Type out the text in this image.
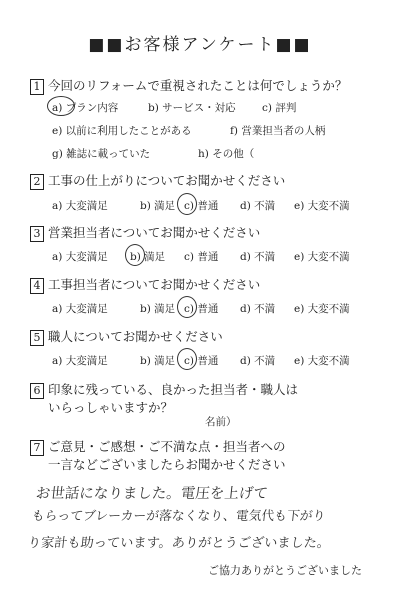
■■お客様アンケート■■
1 今回のリフォームで重視されたことは何でしょうか？
a) プラン内容	b) サービス・対応	c) 評判
e) 以前に利用したことがある	f) 営業担当者の人柄
g) 雑誌に載っていた	h) その他（
2 工事の仕上がりについてお聞かせください
a) 大変満足	b) 満足 c) 普通 d) 不満 e) 大変不満
3 営業担当者についてお聞かせください
a) 大変満足 b) 満足 c) 普通 d) 不満 e) 大変不満
4 工事担当者についてお聞かせください
a) 大変満足	b) 満足 c) 普通 d) 不満 e) 大変不満
5 職人についてお聞かせください
a) 大変満足	b) 満足 c) 普通 d) 不満 e) 大変不満
6 印象に残っている、良かった担当者・職人は
いらっしゃいますか？
名前）
7 ご意見・ご感想・ご不満な点・担当者への
一言などございましたらお聞かせください
お世話になりました。電圧を上げて
もらってブレーカーが落なくなり、電気代も下がり
り家計も助っています。ありがとうございました。
ご協力ありがとうございました
